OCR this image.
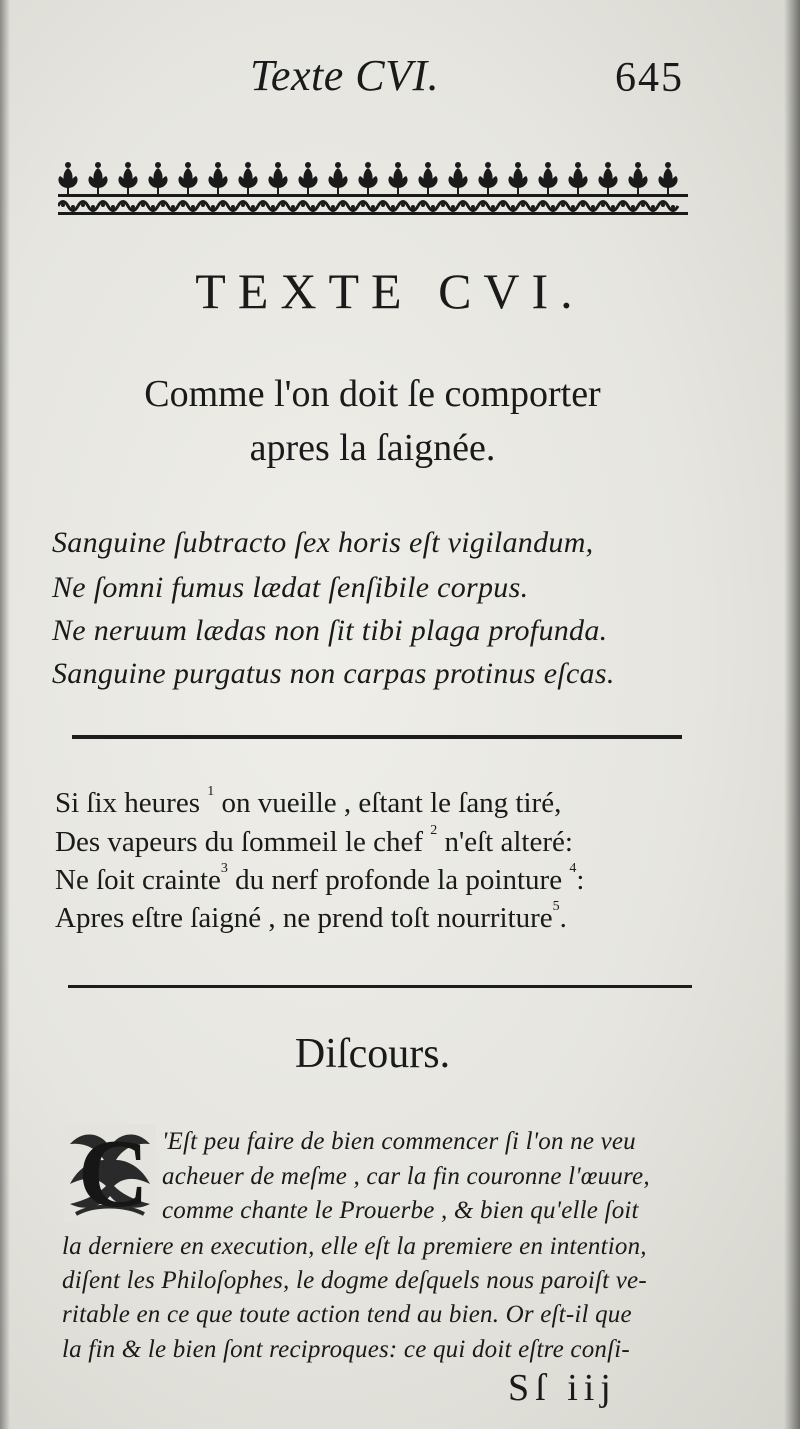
Texte CVI.	645
TEXTE CVI.
Comme l'on doit ſe comporter
apres la ſaignée.
Sanguine ſubtracto ſex horis eſt vigilandum,
Ne ſomni fumus lædat ſenſibile corpus.
Ne neruum lædas non ſit tibi plaga profunda.
Sanguine purgatus non carpas protinus eſcas.
Si ſix heures $^1$ on vueille , eſtant le ſang tiré,
Des vapeurs du ſommeil le chef $^2$ n'eſt alteré:
Ne ſoit crainte$^3$ du nerf profonde la pointure $^4$:
Apres eſtre ſaigné , ne prend toſt nourriture$^5$.
Diſcours.
C 'Eſt peu faire de bien commencer ſi l'on ne veu
acheuer de meſme , car la fin couronne l'œuure,
comme chante le Prouerbe , & bien qu'elle ſoit
la derniere en execution, elle eſt la premiere en intention,
diſent les Philoſophes, le dogme deſquels nous paroiſt ve-
ritable en ce que toute action tend au bien. Or eſt-il que
la fin & le bien ſont reciproques: ce qui doit eſtre conſi-
Sſ iij
